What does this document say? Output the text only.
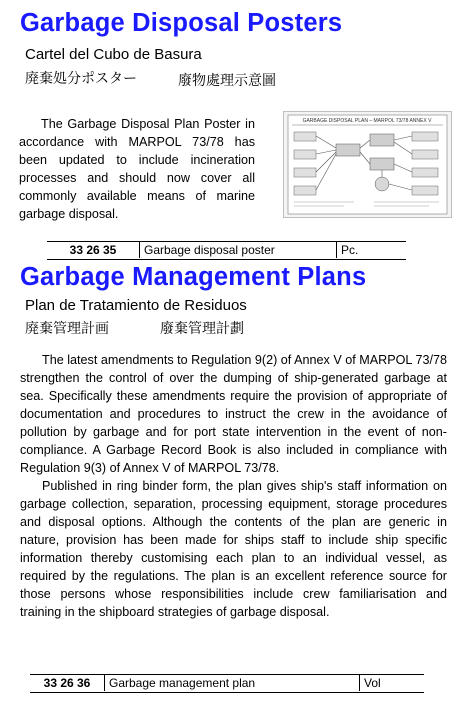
Garbage Disposal Posters
Cartel del Cubo de Basura
廃棄処分ポスター	廢物處理示意圖

The Garbage Disposal Plan Poster in accordance with MARPOL 73/78 has been updated to include incineration processes and should now cover all commonly available means of marine garbage disposal.

GARBAGE DISPOSAL PLAN – MARPOL 73/78 ANNEX V
33 26 35	Garbage disposal poster	Pc.
Garbage Management Plans
Plan de Tratamiento de Residuos
廃棄管理計画	廢棄管理計劃

The latest amendments to Regulation 9(2) of Annex V of MARPOL 73/78 strengthen the control of over the dumping of ship-generated garbage at sea. Specifically these amendments require the provision of appropriate of documentation and procedures to instruct the crew in the avoidance of pollution by garbage and for port state intervention in the event of non-compliance. A Garbage Record Book is also included in compliance with Regulation 9(3) of Annex V of MARPOL 73/78.

Published in ring binder form, the plan gives ship's staff information on garbage collection, separation, processing equipment, storage procedures and disposal options. Although the contents of the plan are generic in nature, provision has been made for ships staff to include ship specific information thereby customising each plan to an individual vessel, as required by the regulations. The plan is an excellent reference source for those persons whose responsibilities include crew familiarisation and training in the shipboard strategies of garbage disposal.

33 26 36	Garbage management plan	Vol
